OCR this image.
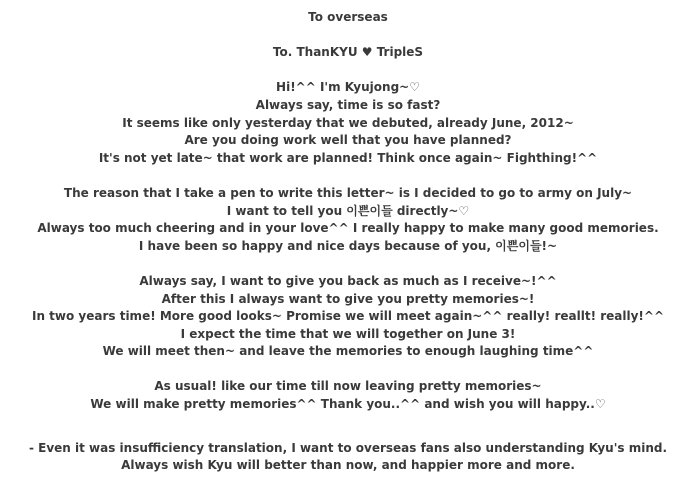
To overseas
To. ThanKYU ♥ TripleS
Hi!^^ I'm Kyujong~♡
Always say, time is so fast?
It seems like only yesterday that we debuted, already June, 2012~
Are you doing work well that you have planned?
It's not yet late~ that work are planned! Think once again~ Fighthing!^^
The reason that I take a pen to write this letter~ is I decided to go to army on July~
I want to tell you 이쁜이들 directly~♡
Always too much cheering and in your love^^ I really happy to make many good memories.
I have been so happy and nice days because of you, 이쁜이들!~
Always say, I want to give you back as much as I receive~!^^
After this I always want to give you pretty memories~!
In two years time! More good looks~ Promise we will meet again~^^ really! reallt! really!^^
I expect the time that we will together on June 3!
We will meet then~ and leave the memories to enough laughing time^^
As usual! like our time till now leaving pretty memories~
We will make pretty memories^^ Thank you..^^ and wish you will happy..♡
- Even it was insufficiency translation, I want to overseas fans also understanding Kyu's mind.
Always wish Kyu will better than now, and happier more and more.
